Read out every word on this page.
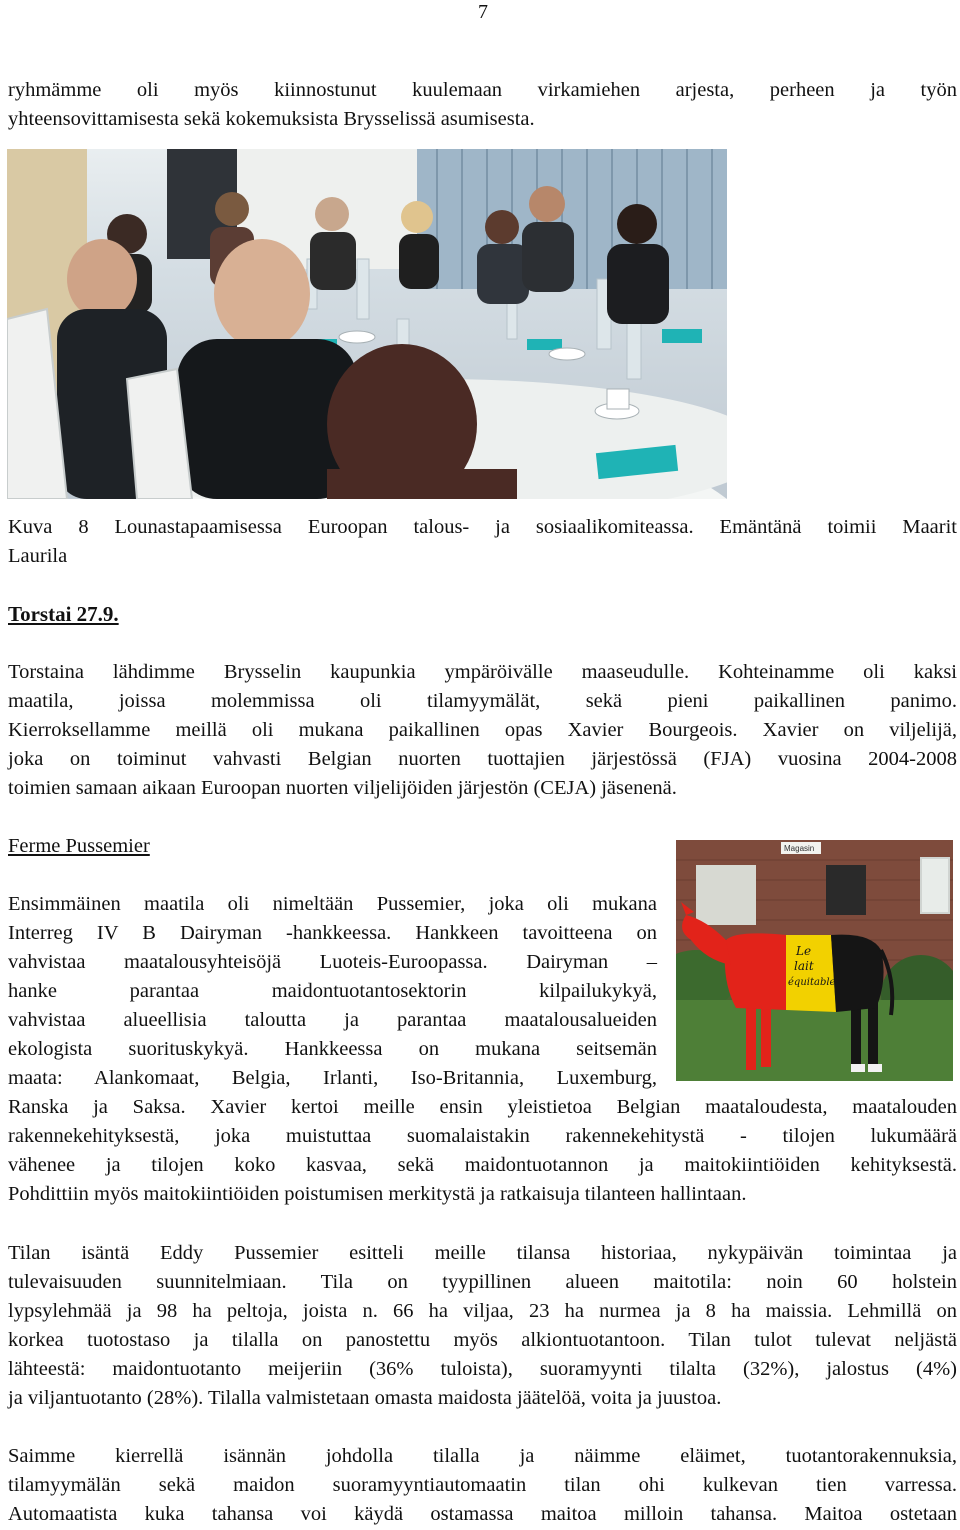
7
ryhmämme oli myös kiinnostunut kuulemaan virkamiehen arjesta, perheen ja työn
yhteensovittamisesta sekä kokemuksista Brysselissä asumisesta.
Kuva 8 Lounastapaamisessa Euroopan talous- ja sosiaalikomiteassa. Emäntänä toimii Maarit
Laurila
Torstai 27.9.
Torstaina lähdimme Brysselin kaupunkia ympäröivälle maaseudulle. Kohteinamme oli kaksi
maatila, joissa molemmissa oli tilamyymälät, sekä pieni paikallinen panimo.
Kierroksellamme meillä oli mukana paikallinen opas Xavier Bourgeois. Xavier on viljelijä,
joka on toiminut vahvasti Belgian nuorten tuottajien järjestössä (FJA) vuosina 2004-2008
toimien samaan aikaan Euroopan nuorten viljelijöiden järjestön (CEJA) jäsenenä.
Ferme Pussemier	Magasin
Le
lait
équitable
Ensimmäinen maatila oli nimeltään Pussemier, joka oli mukana
Interreg IV B Dairyman -hankkeessa. Hankkeen tavoitteena on
vahvistaa maatalousyhteisöjä Luoteis-Euroopassa. Dairyman –
hanke parantaa maidontuotantosektorin kilpailukykyä,
vahvistaa alueellisia taloutta ja parantaa maatalousalueiden
ekologista suorituskykyä. Hankkeessa on mukana seitsemän
maata: Alankomaat, Belgia, Irlanti, Iso-Britannia, Luxemburg,
Ranska ja Saksa. Xavier kertoi meille ensin yleistietoa Belgian maataloudesta, maatalouden
rakennekehityksestä, joka muistuttaa suomalaistakin rakennekehitystä - tilojen lukumäärä
vähenee ja tilojen koko kasvaa, sekä maidontuotannon ja maitokiintiöiden kehityksestä.
Pohdittiin myös maitokiintiöiden poistumisen merkitystä ja ratkaisuja tilanteen hallintaan.
Tilan isäntä Eddy Pussemier esitteli meille tilansa historiaa, nykypäivän toimintaa ja
tulevaisuuden suunnitelmiaan. Tila on tyypillinen alueen maitotila: noin 60 holstein
lypsylehmää ja 98 ha peltoja, joista n. 66 ha viljaa, 23 ha nurmea ja 8 ha maissia. Lehmillä on
korkea tuotostaso ja tilalla on panostettu myös alkiontuotantoon. Tilan tulot tulevat neljästä
lähteestä: maidontuotanto meijeriin (36% tuloista), suoramyynti tilalta (32%), jalostus (4%)
ja viljantuotanto (28%). Tilalla valmistetaan omasta maidosta jäätelöä, voita ja juustoa.
Saimme kierrellä isännän johdolla tilalla ja näimme eläimet, tuotantorakennuksia,
tilamyymälän sekä maidon suoramyyntiautomaatin tilan ohi kulkevan tien varressa.
Automaatista kuka tahansa voi käydä ostamassa maitoa milloin tahansa. Maitoa ostetaan
